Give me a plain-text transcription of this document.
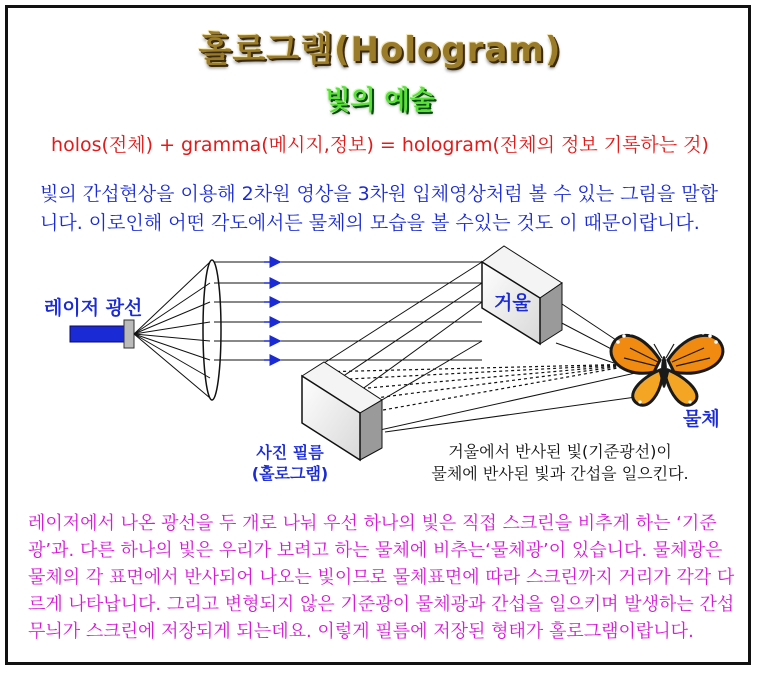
홀로그램(Hologram)
빛의 예술
holos(전체) + gramma(메시지,정보) = hologram(전체의 정보 기록하는 것)
빛의 간섭현상을 이용해 2차원 영상을 3차원 입체영상처럼 볼 수 있는 그림을 말합니다. 이로인해 어떤 각도에서든 물체의 모습을 볼 수있는 것도 이 때문이랍니다.
레이저 광선	거울
물체
사진 필름
(홀로그램)
거울에서 반사된 빛(기준광선)이
물체에 반사된 빛과 간섭을 일으킨다.
레이저에서 나온 광선을 두 개로 나눠 우선 하나의 빛은 직접 스크린을 비추게 하는 ‘기준광’과. 다른 하나의 빛은 우리가 보려고 하는 물체에 비추는‘물체광’이 있습니다. 물체광은 물체의 각 표면에서 반사되어 나오는 빛이므로 물체표면에 따라 스크린까지 거리가 각각 다르게 나타납니다. 그리고 변형되지 않은 기준광이 물체광과 간섭을 일으키며 발생하는 간섭무늬가 스크린에 저장되게 되는데요. 이렇게 필름에 저장된 형태가 홀로그램이랍니다.
